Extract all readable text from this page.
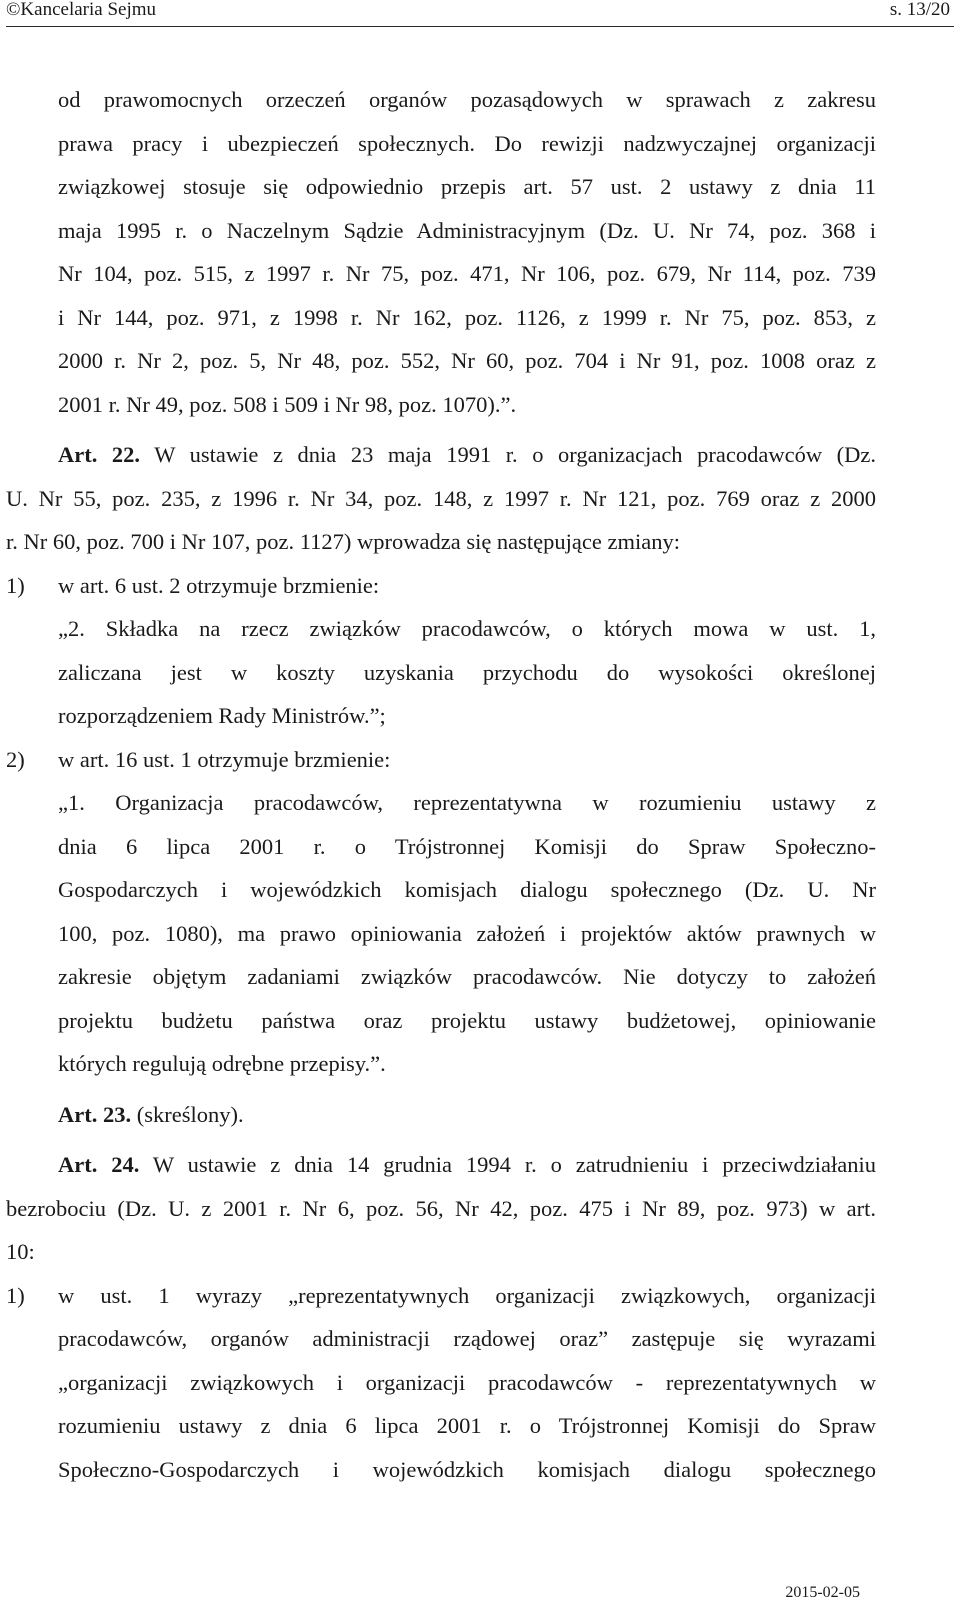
©Kancelaria Sejmu	s. 13/20
od prawomocnych orzeczeń organów pozasądowych w sprawach z zakresu
prawa pracy i ubezpieczeń społecznych. Do rewizji nadzwyczajnej organizacji
związkowej stosuje się odpowiednio przepis art. 57 ust. 2 ustawy z dnia 11
maja 1995 r. o Naczelnym Sądzie Administracyjnym (Dz. U. Nr 74, poz. 368 i
Nr 104, poz. 515, z 1997 r. Nr 75, poz. 471, Nr 106, poz. 679, Nr 114, poz. 739
i Nr 144, poz. 971, z 1998 r. Nr 162, poz. 1126, z 1999 r. Nr 75, poz. 853, z
2000 r. Nr 2, poz. 5, Nr 48, poz. 552, Nr 60, poz. 704 i Nr 91, poz. 1008 oraz z
2001 r. Nr 49, poz. 508 i 509 i Nr 98, poz. 1070).”.
Art. 22. W ustawie z dnia 23 maja 1991 r. o organizacjach pracodawców (Dz.
U. Nr 55, poz. 235, z 1996 r. Nr 34, poz. 148, z 1997 r. Nr 121, poz. 769 oraz z 2000
r. Nr 60, poz. 700 i Nr 107, poz. 1127) wprowadza się następujące zmiany:
1) w art. 6 ust. 2 otrzymuje brzmienie:
„2. Składka na rzecz związków pracodawców, o których mowa w ust. 1,
zaliczana jest w koszty uzyskania przychodu do wysokości określonej
rozporządzeniem Rady Ministrów.”;
2) w art. 16 ust. 1 otrzymuje brzmienie:
„1. Organizacja pracodawców, reprezentatywna w rozumieniu ustawy z
dnia 6 lipca 2001 r. o Trójstronnej Komisji do Spraw Społeczno-
Gospodarczych i wojewódzkich komisjach dialogu społecznego (Dz. U. Nr
100, poz. 1080), ma prawo opiniowania założeń i projektów aktów prawnych w
zakresie objętym zadaniami związków pracodawców. Nie dotyczy to założeń
projektu budżetu państwa oraz projektu ustawy budżetowej, opiniowanie
których regulują odrębne przepisy.”.
Art. 23. (skreślony).
Art. 24. W ustawie z dnia 14 grudnia 1994 r. o zatrudnieniu i przeciwdziałaniu
bezrobociu (Dz. U. z 2001 r. Nr 6, poz. 56, Nr 42, poz. 475 i Nr 89, poz. 973) w art.
10:
1) w ust. 1 wyrazy „reprezentatywnych organizacji związkowych, organizacji
pracodawców, organów administracji rządowej oraz” zastępuje się wyrazami
„organizacji związkowych i organizacji pracodawców - reprezentatywnych w
rozumieniu ustawy z dnia 6 lipca 2001 r. o Trójstronnej Komisji do Spraw
Społeczno-Gospodarczych i wojewódzkich komisjach dialogu społecznego
2015-02-05
